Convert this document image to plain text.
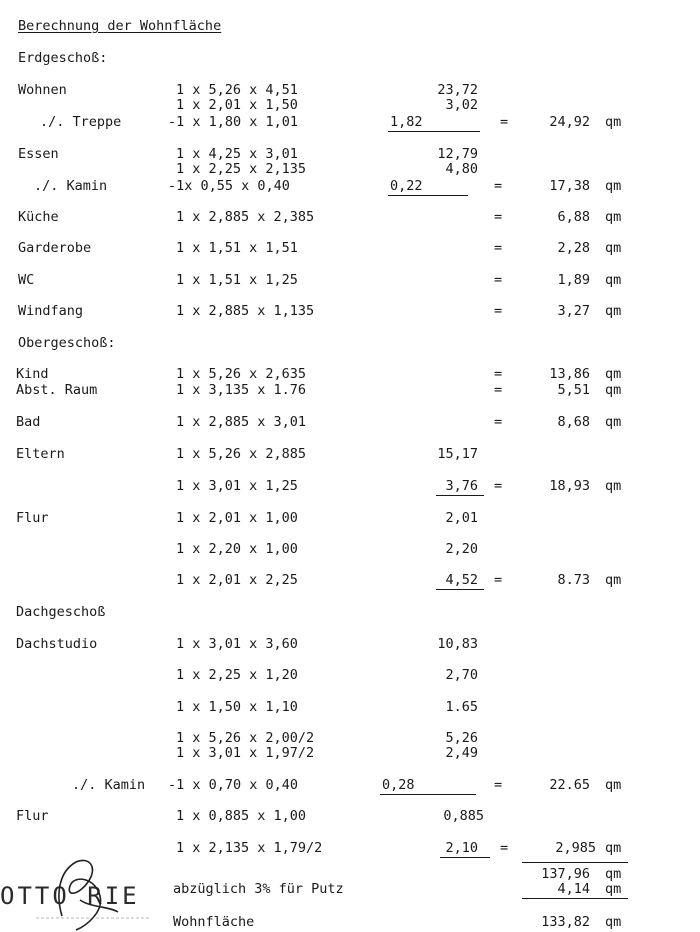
Berechnung der Wohnfläche
Erdgeschoß:
Wohnen	1 x 5,26 x 4,51	23,72
1 x 2,01 x 1,50	3,02
./. Treppe	-1 x 1,80 x 1,01	1,82	=	24,92 qm
Essen	1 x 4,25 x 3,01	12,79
1 x 2,25 x 2,135	4,80
./. Kamin	-1x 0,55 x 0,40	0,22	=	17,38 qm
Küche	1 x 2,885 x 2,385	=	6,88 qm
Garderobe	1 x 1,51 x 1,51	=	2,28 qm
WC	1 x 1,51 x 1,25	=	1,89 qm
Windfang	1 x 2,885 x 1,135	=	3,27 qm
Obergeschoß:
Kind	1 x 5,26 x 2,635	=	13,86 qm
Abst. Raum	1 x 3,135 x 1.76	=	5,51 qm
Bad	1 x 2,885 x 3,01	=	8,68 qm
Eltern	1 x 5,26 x 2,885	15,17
1 x 3,01 x 1,25	3,76 =	18,93 qm
Flur	1 x 2,01 x 1,00	2,01
1 x 2,20 x 1,00	2,20
1 x 2,01 x 2,25	4,52 =	8.73 qm
Dachgeschoß
Dachstudio	1 x 3,01 x 3,60	10,83
1 x 2,25 x 1,20	2,70
1 x 1,50 x 1,10	1.65
1 x 5,26 x 2,00/2	5,26
1 x 3,01 x 1,97/2	2,49
./. Kamin -1 x 0,70 x 0,40	0,28	=	22.65 qm
Flur	1 x 0,885 x 1,00	0,885
1 x 2,135 x 1,79/2	2,10 =	2,985 qm
137,96 qm
abzüglich 3% für Putz	4,14 qm
Wohnfläche	133,82 qm
OTTO RIE
